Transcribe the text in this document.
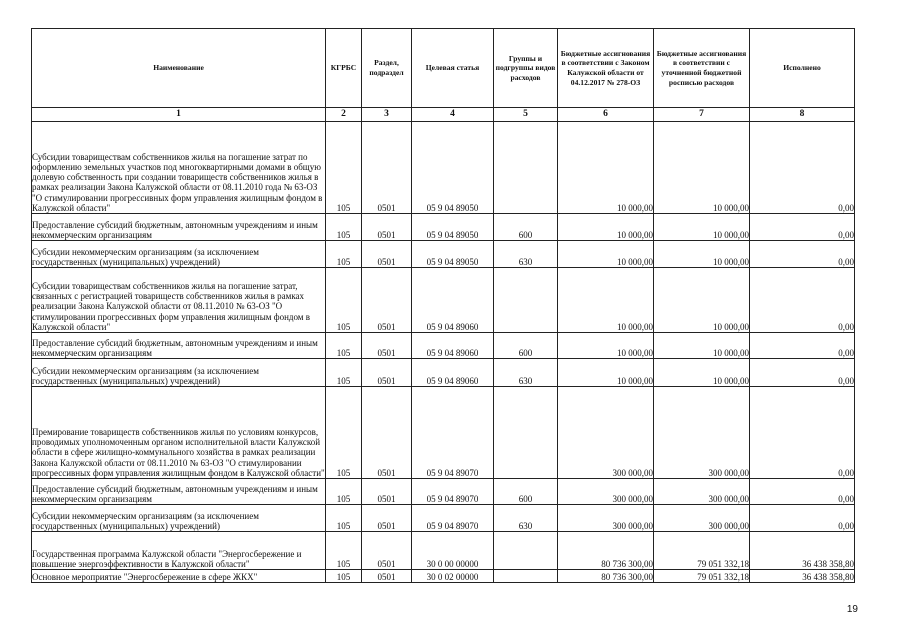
Наименование	КГРБС	Раздел, подраздел	Целевая статья	Группы и подгруппы видов расходов	Бюджетные ассигнования в соответствии с Законом Калужской области от 04.12.2017 № 278-ОЗ	Бюджетные ассигнования в соответствии с уточненной бюджетной росписью расходов	Исполнено
1	2	3	4	5	6	7	8
Субсидии товариществам собственников жилья на погашение затрат по оформлению земельных участков под многоквартирными домами в общую долевую собственность при создании товариществ собственников жилья в рамках реализации Закона Калужской области от 08.11.2010 года № 63-ОЗ "О стимулировании прогрессивных форм управления жилищным фондом в Калужской области"	105	0501	05 9 04 89050		10 000,00	10 000,00	0,00
Предоставление субсидий бюджетным, автономным учреждениям и иным некоммерческим организациям	105	0501	05 9 04 89050	600	10 000,00	10 000,00	0,00
Субсидии некоммерческим организациям (за исключением государственных (муниципальных) учреждений)	105	0501	05 9 04 89050	630	10 000,00	10 000,00	0,00
Субсидии товариществам собственников жилья на погашение затрат, связанных с регистрацией товариществ собственников жилья в рамках реализации Закона Калужской области от 08.11.2010 № 63-ОЗ "О стимулировании прогрессивных форм управления жилищным фондом в Калужской области"	105	0501	05 9 04 89060		10 000,00	10 000,00	0,00
Предоставление субсидий бюджетным, автономным учреждениям и иным некоммерческим организациям	105	0501	05 9 04 89060	600	10 000,00	10 000,00	0,00
Субсидии некоммерческим организациям (за исключением государственных (муниципальных) учреждений)	105	0501	05 9 04 89060	630	10 000,00	10 000,00	0,00
Премирование товариществ собственников жилья по условиям конкурсов, проводимых уполномоченным органом исполнительной власти Калужской области в сфере жилищно-коммунального хозяйства в рамках реализации Закона Калужской области от 08.11.2010 № 63-ОЗ "О стимулировании прогрессивных форм управления жилищным фондом в Калужской области"	105	0501	05 9 04 89070		300 000,00	300 000,00	0,00
Предоставление субсидий бюджетным, автономным учреждениям и иным некоммерческим организациям	105	0501	05 9 04 89070	600	300 000,00	300 000,00	0,00
Субсидии некоммерческим организациям (за исключением государственных (муниципальных) учреждений)	105	0501	05 9 04 89070	630	300 000,00	300 000,00	0,00
Государственная программа Калужской области "Энергосбережение и повышение энергоэффективности в Калужской области"	105	0501	30 0 00 00000		80 736 300,00	79 051 332,18	36 438 358,80
Основное мероприятие "Энергосбережение в сфере ЖКХ"	105	0501	30 0 02 00000		80 736 300,00	79 051 332,18	36 438 358,80
19
